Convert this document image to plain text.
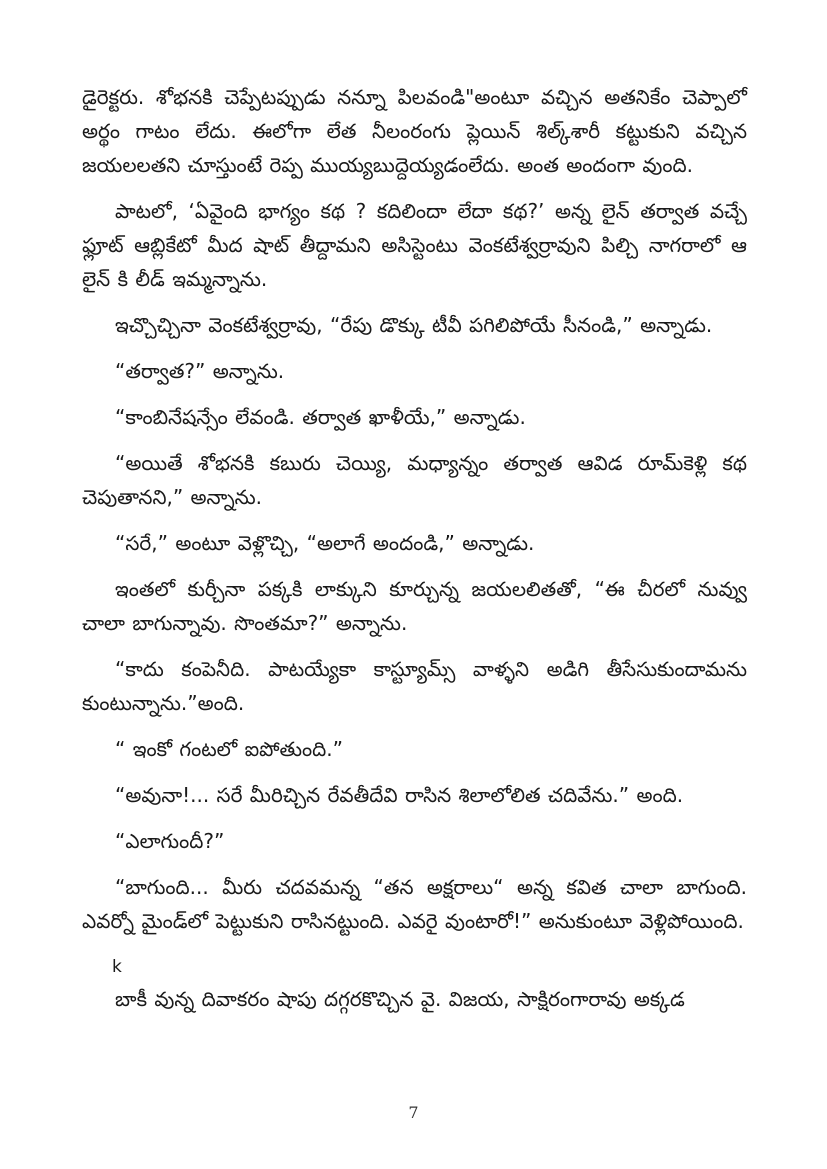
డైరెక్టరు. శోభనకి చెప్పేటప్పుడు నన్నూ పిలవండి"అంటూ వచ్చిన అతనికేం చెప్పాలో అర్థం గాటం లేదు. ఈలోగా లేత నీలంరంగు ప్లెయిన్ శిల్క్‌శారీ కట్టుకుని వచ్చిన జయలలతని చూస్తుంటే రెప్ప ముయ్యబుద్దెయ్యడంలేదు. అంత అందంగా వుంది.

పాటలో, ‘ఏవైంది భాగ్యం కథ ? కదిలిందా లేదా కథ?’ అన్న లైన్ తర్వాత వచ్చే ఫ్లూట్ ఆబ్లికేటో మీద షాట్ తీద్దామని అసిస్టెంటు వెంకటేశ్వర్రావుని పిల్చి నాగరాలో ఆ లైన్ కి లీడ్ ఇమ్మన్నాను.

ఇచ్చొచ్చినా వెంకటేశ్వర్రావు, “రేపు డొక్కు టీవీ పగిలిపోయే సీనండి,” అన్నాడు.

“తర్వాత?” అన్నాను.

“కాంబినేషన్సేం లేవండి. తర్వాత ఖాళీయే,” అన్నాడు.

“అయితే శోభనకి కబురు చెయ్యి, మధ్యాన్నం తర్వాత ఆవిడ రూమ్‌కెళ్లి కథ చెపుతానని,” అన్నాను.

“సరే,” అంటూ వెళ్లొచ్చి, “అలాగే అందండి,” అన్నాడు.

ఇంతలో కుర్చీనా పక్కకి లాక్కుని కూర్చున్న జయలలితతో, “ఈ చీరలో నువ్వు చాలా బాగున్నావు. సొంతమా?” అన్నాను.

“కాదు కంపెనీది. పాటయ్యేకా కాస్ట్యూమ్స్ వాళ్ళని అడిగి తీసేసుకుందామను కుంటున్నాను.”అంది.

“ ఇంకో గంటలో ఐపోతుంది.”

“అవునా!... సరే మీరిచ్చిన రేవతీదేవి రాసిన శిలాలోలిత చదివేను.” అంది.

“ఎలాగుందీ?”

“బాగుంది... మీరు చదవమన్న “తన అక్షరాలు“ అన్న కవిత చాలా బాగుంది. ఎవర్నో మైండ్‌లో పెట్టుకుని రాసినట్టుంది. ఎవరై వుంటారో!” అనుకుంటూ వెళ్లిపోయింది.

k

బాకీ వున్న దివాకరం షాపు దగ్గరకొచ్చిన వై. విజయ, సాక్షిరంగారావు అక్కడ

7
